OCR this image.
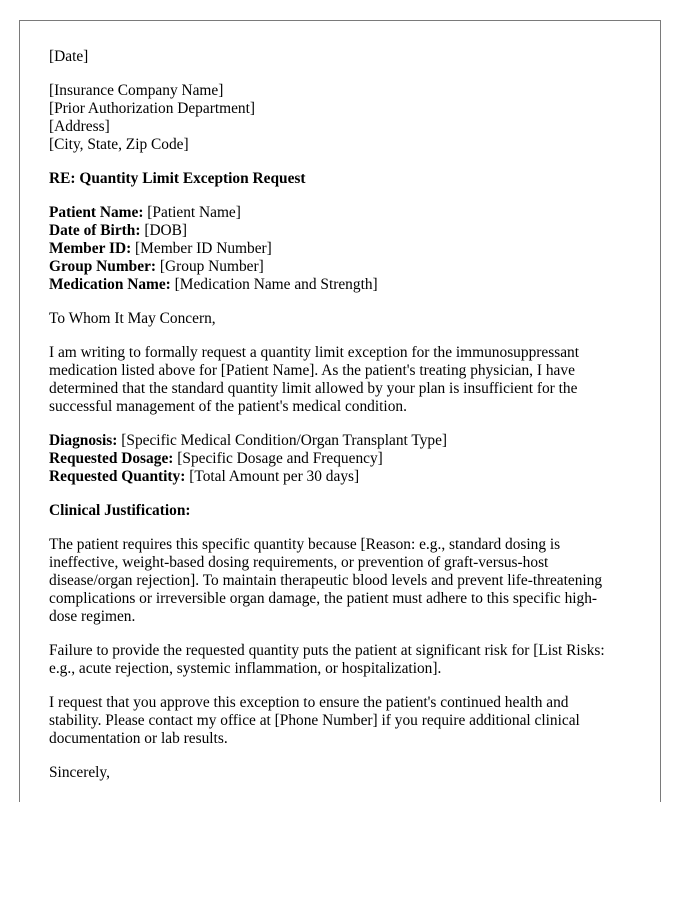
[Date]
[Insurance Company Name]
[Prior Authorization Department]
[Address]
[City, State, Zip Code]
RE: Quantity Limit Exception Request
Patient Name: [Patient Name]
Date of Birth: [DOB]
Member ID: [Member ID Number]
Group Number: [Group Number]
Medication Name: [Medication Name and Strength]
To Whom It May Concern,
I am writing to formally request a quantity limit exception for the immunosuppressant
medication listed above for [Patient Name]. As the patient's treating physician, I have
determined that the standard quantity limit allowed by your plan is insufficient for the
successful management of the patient's medical condition.
Diagnosis: [Specific Medical Condition/Organ Transplant Type]
Requested Dosage: [Specific Dosage and Frequency]
Requested Quantity: [Total Amount per 30 days]
Clinical Justification:
The patient requires this specific quantity because [Reason: e.g., standard dosing is
ineffective, weight-based dosing requirements, or prevention of graft-versus-host
disease/organ rejection]. To maintain therapeutic blood levels and prevent life-threatening
complications or irreversible organ damage, the patient must adhere to this specific high-
dose regimen.
Failure to provide the requested quantity puts the patient at significant risk for [List Risks:
e.g., acute rejection, systemic inflammation, or hospitalization].
I request that you approve this exception to ensure the patient's continued health and
stability. Please contact my office at [Phone Number] if you require additional clinical
documentation or lab results.
Sincerely,
